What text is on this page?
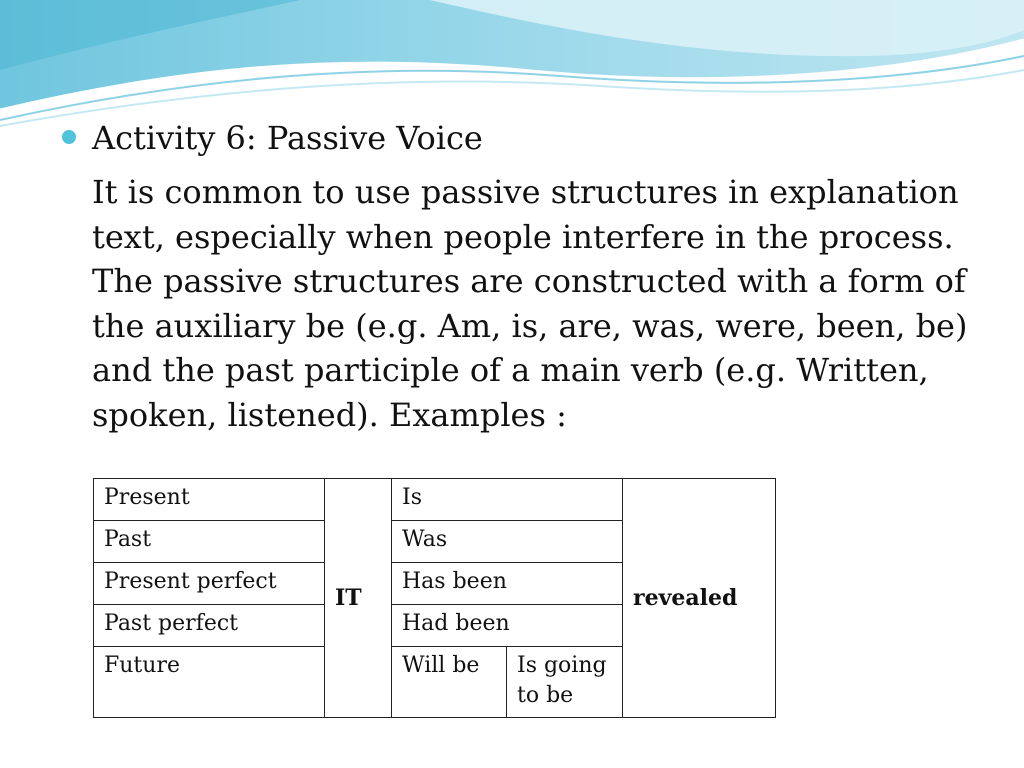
Activity 6: Passive Voice
It is common to use passive structures in explanation
text, especially when people interfere in the process.
The passive structures are constructed with a form of
the auxiliary be (e.g. Am, is, are, was, were, been, be)
and the past participle of a main verb (e.g. Written,
spoken, listened). Examples :
Present	IT	Is		revealed
Past		Was		
Present perfect		Has been		
Past perfect		Had been		
Future		Will be	Is going to be	
